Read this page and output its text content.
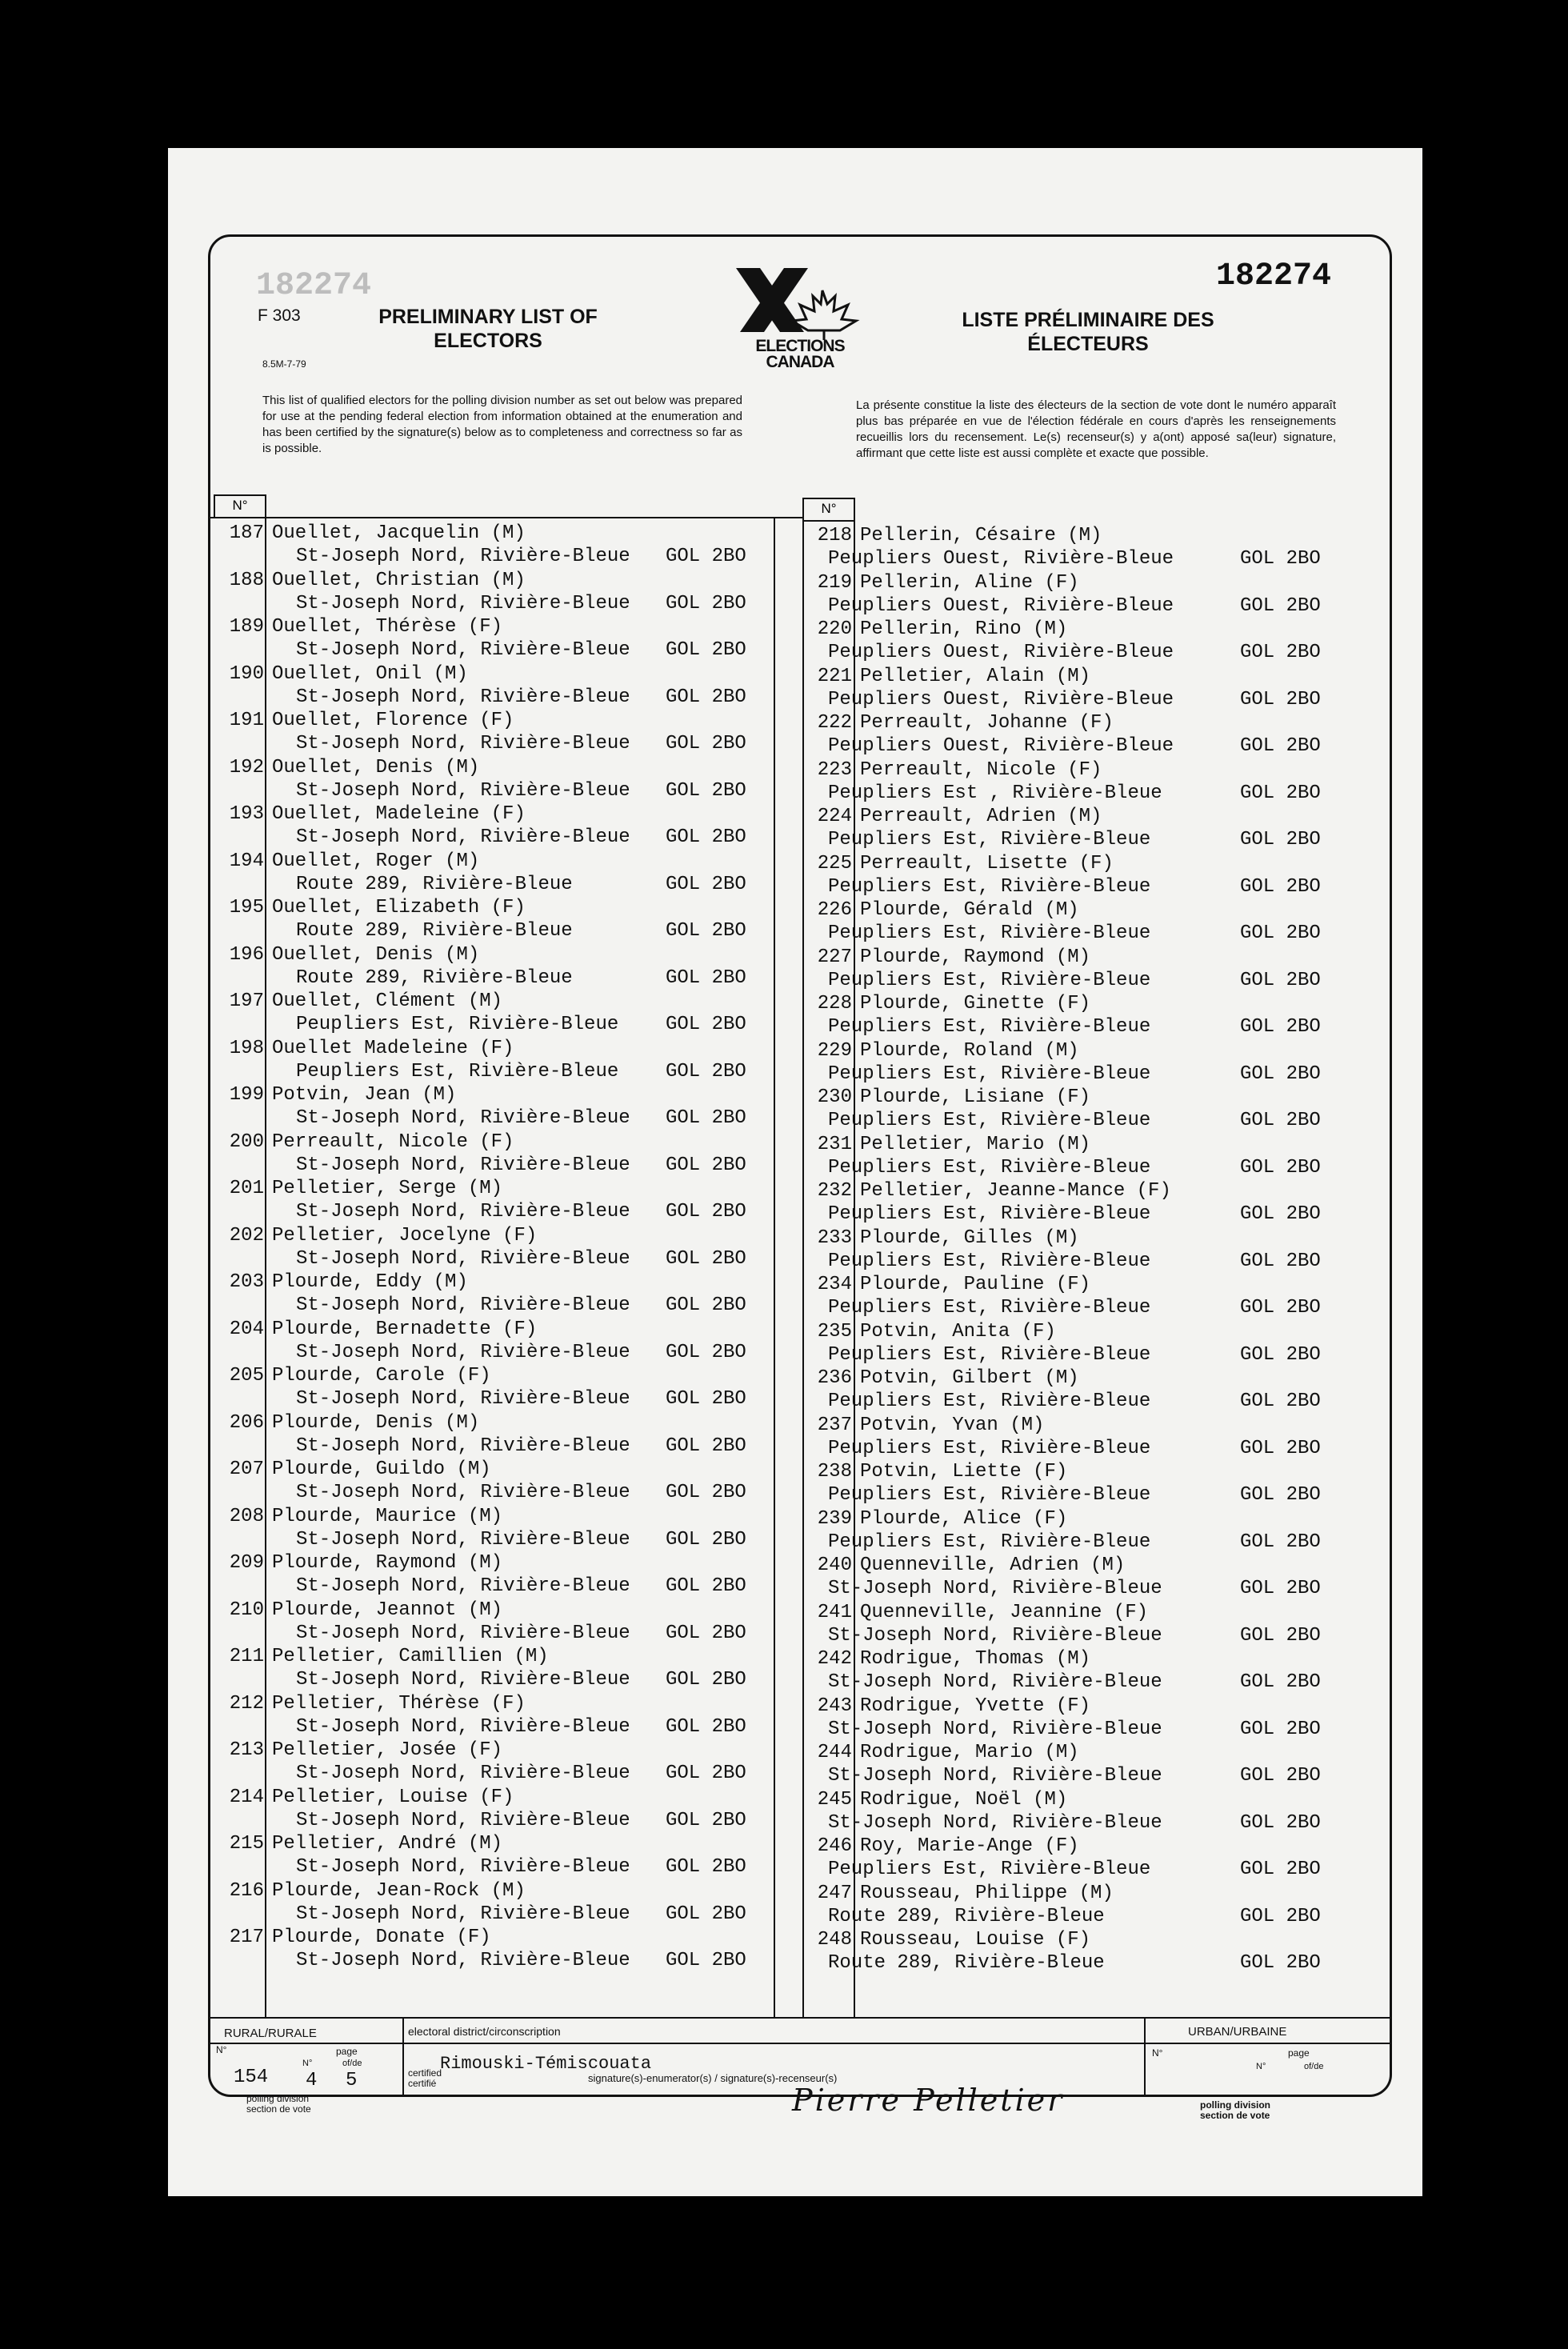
182274
F 303
8.5M-7-79
PRELIMINARY LIST OF ELECTORS
LISTE PRÉLIMINAIRE DES ÉLECTEURS
182274
ELECTIONS
CANADA
This list of qualified electors for the polling division number as set out below was prepared for use at the pending federal election from information obtained at the enumeration and has been certified by the signature(s) below as to completeness and correctness so far as is possible.
La présente constitue la liste des électeurs de la section de vote dont le numéro apparaît plus bas préparée en vue de l'élection fédérale en cours d'après les renseignements recueillis lors du recensement. Le(s) recenseur(s) y a(ont) apposé sa(leur) signature, affirmant que cette liste est aussi complète et exacte que possible.
N°	N°
187 Ouellet, Jacquelin (M)
St-Joseph Nord, Rivière-Bleue GOL 2BO
188 Ouellet, Christian (M)
St-Joseph Nord, Rivière-Bleue GOL 2BO
189 Ouellet, Thérèse (F)
St-Joseph Nord, Rivière-Bleue GOL 2BO
190 Ouellet, Onil (M)
St-Joseph Nord, Rivière-Bleue GOL 2BO
191 Ouellet, Florence (F)
St-Joseph Nord, Rivière-Bleue GOL 2BO
192 Ouellet, Denis (M)
St-Joseph Nord, Rivière-Bleue GOL 2BO
193 Ouellet, Madeleine (F)
St-Joseph Nord, Rivière-Bleue GOL 2BO
194 Ouellet, Roger (M)
Route 289, Rivière-Bleue	GOL 2BO
195 Ouellet, Elizabeth (F)
Route 289, Rivière-Bleue	GOL 2BO
196 Ouellet, Denis (M)
Route 289, Rivière-Bleue	GOL 2BO
197 Ouellet, Clément (M)
Peupliers Est, Rivière-Bleue GOL 2BO
198 Ouellet Madeleine (F)
Peupliers Est, Rivière-Bleue GOL 2BO
199 Potvin, Jean (M)
St-Joseph Nord, Rivière-Bleue GOL 2BO
200 Perreault, Nicole (F)
St-Joseph Nord, Rivière-Bleue GOL 2BO
201 Pelletier, Serge (M)
St-Joseph Nord, Rivière-Bleue GOL 2BO
202 Pelletier, Jocelyne (F)
St-Joseph Nord, Rivière-Bleue GOL 2BO
203 Plourde, Eddy (M)
St-Joseph Nord, Rivière-Bleue GOL 2BO
204 Plourde, Bernadette (F)
St-Joseph Nord, Rivière-Bleue GOL 2BO
205 Plourde, Carole (F)
St-Joseph Nord, Rivière-Bleue GOL 2BO
206 Plourde, Denis (M)
St-Joseph Nord, Rivière-Bleue GOL 2BO
207 Plourde, Guildo (M)
St-Joseph Nord, Rivière-Bleue GOL 2BO
208 Plourde, Maurice (M)
St-Joseph Nord, Rivière-Bleue GOL 2BO
209 Plourde, Raymond (M)
St-Joseph Nord, Rivière-Bleue GOL 2BO
210 Plourde, Jeannot (M)
St-Joseph Nord, Rivière-Bleue GOL 2BO
211 Pelletier, Camillien (M)
St-Joseph Nord, Rivière-Bleue GOL 2BO
212 Pelletier, Thérèse (F)
St-Joseph Nord, Rivière-Bleue GOL 2BO
213 Pelletier, Josée (F)
St-Joseph Nord, Rivière-Bleue GOL 2BO
214 Pelletier, Louise (F)
St-Joseph Nord, Rivière-Bleue GOL 2BO
215 Pelletier, André (M)
St-Joseph Nord, Rivière-Bleue GOL 2BO
216 Plourde, Jean-Rock (M)
St-Joseph Nord, Rivière-Bleue GOL 2BO
217 Plourde, Donate (F)
St-Joseph Nord, Rivière-Bleue GOL 2BO
218 Pellerin, Césaire (M)
Peupliers Ouest, Rivière-Bleue	GOL 2BO
219 Pellerin, Aline (F)
Peupliers Ouest, Rivière-Bleue	GOL 2BO
220 Pellerin, Rino (M)
Peupliers Ouest, Rivière-Bleue	GOL 2BO
221 Pelletier, Alain (M)
Peupliers Ouest, Rivière-Bleue	GOL 2BO
222 Perreault, Johanne (F)
Peupliers Ouest, Rivière-Bleue	GOL 2BO
223 Perreault, Nicole (F)
Peupliers Est , Rivière-Bleue	GOL 2BO
224 Perreault, Adrien (M)
Peupliers Est, Rivière-Bleue	GOL 2BO
225 Perreault, Lisette (F)
Peupliers Est, Rivière-Bleue	GOL 2BO
226 Plourde, Gérald (M)
Peupliers Est, Rivière-Bleue	GOL 2BO
227 Plourde, Raymond (M)
Peupliers Est, Rivière-Bleue	GOL 2BO
228 Plourde, Ginette (F)
Peupliers Est, Rivière-Bleue	GOL 2BO
229 Plourde, Roland (M)
Peupliers Est, Rivière-Bleue	GOL 2BO
230 Plourde, Lisiane (F)
Peupliers Est, Rivière-Bleue	GOL 2BO
231 Pelletier, Mario (M)
Peupliers Est, Rivière-Bleue	GOL 2BO
232 Pelletier, Jeanne-Mance (F)
Peupliers Est, Rivière-Bleue	GOL 2BO
233 Plourde, Gilles (M)
Peupliers Est, Rivière-Bleue	GOL 2BO
234 Plourde, Pauline (F)
Peupliers Est, Rivière-Bleue	GOL 2BO
235 Potvin, Anita (F)
Peupliers Est, Rivière-Bleue	GOL 2BO
236 Potvin, Gilbert (M)
Peupliers Est, Rivière-Bleue	GOL 2BO
237 Potvin, Yvan (M)
Peupliers Est, Rivière-Bleue	GOL 2BO
238 Potvin, Liette (F)
Peupliers Est, Rivière-Bleue	GOL 2BO
239 Plourde, Alice (F)
Peupliers Est, Rivière-Bleue	GOL 2BO
240 Quenneville, Adrien (M)
St-Joseph Nord, Rivière-Bleue	GOL 2BO
241 Quenneville, Jeannine (F)
St-Joseph Nord, Rivière-Bleue	GOL 2BO
242 Rodrigue, Thomas (M)
St-Joseph Nord, Rivière-Bleue	GOL 2BO
243 Rodrigue, Yvette (F)
St-Joseph Nord, Rivière-Bleue	GOL 2BO
244 Rodrigue, Mario (M)
St-Joseph Nord, Rivière-Bleue	GOL 2BO
245 Rodrigue, Noël (M)
St-Joseph Nord, Rivière-Bleue	GOL 2BO
246 Roy, Marie-Ange (F)
Peupliers Est, Rivière-Bleue	GOL 2BO
247 Rousseau, Philippe (M)
Route 289, Rivière-Bleue	GOL 2BO
248 Rousseau, Louise (F)
Route 289, Rivière-Bleue	GOL 2BO
RURAL/RURALE	electoral district/circonscription
Rimouski-Témiscouata
URBAN/URBAINE
N°	page
154
N°	of/de
4 5
polling division section de vote
certified certifié	signature(s)-enumerator(s) / signature(s)-recenseur(s)
Pierre Pelletier
N°	page
N°	of/de
polling division section de vote
